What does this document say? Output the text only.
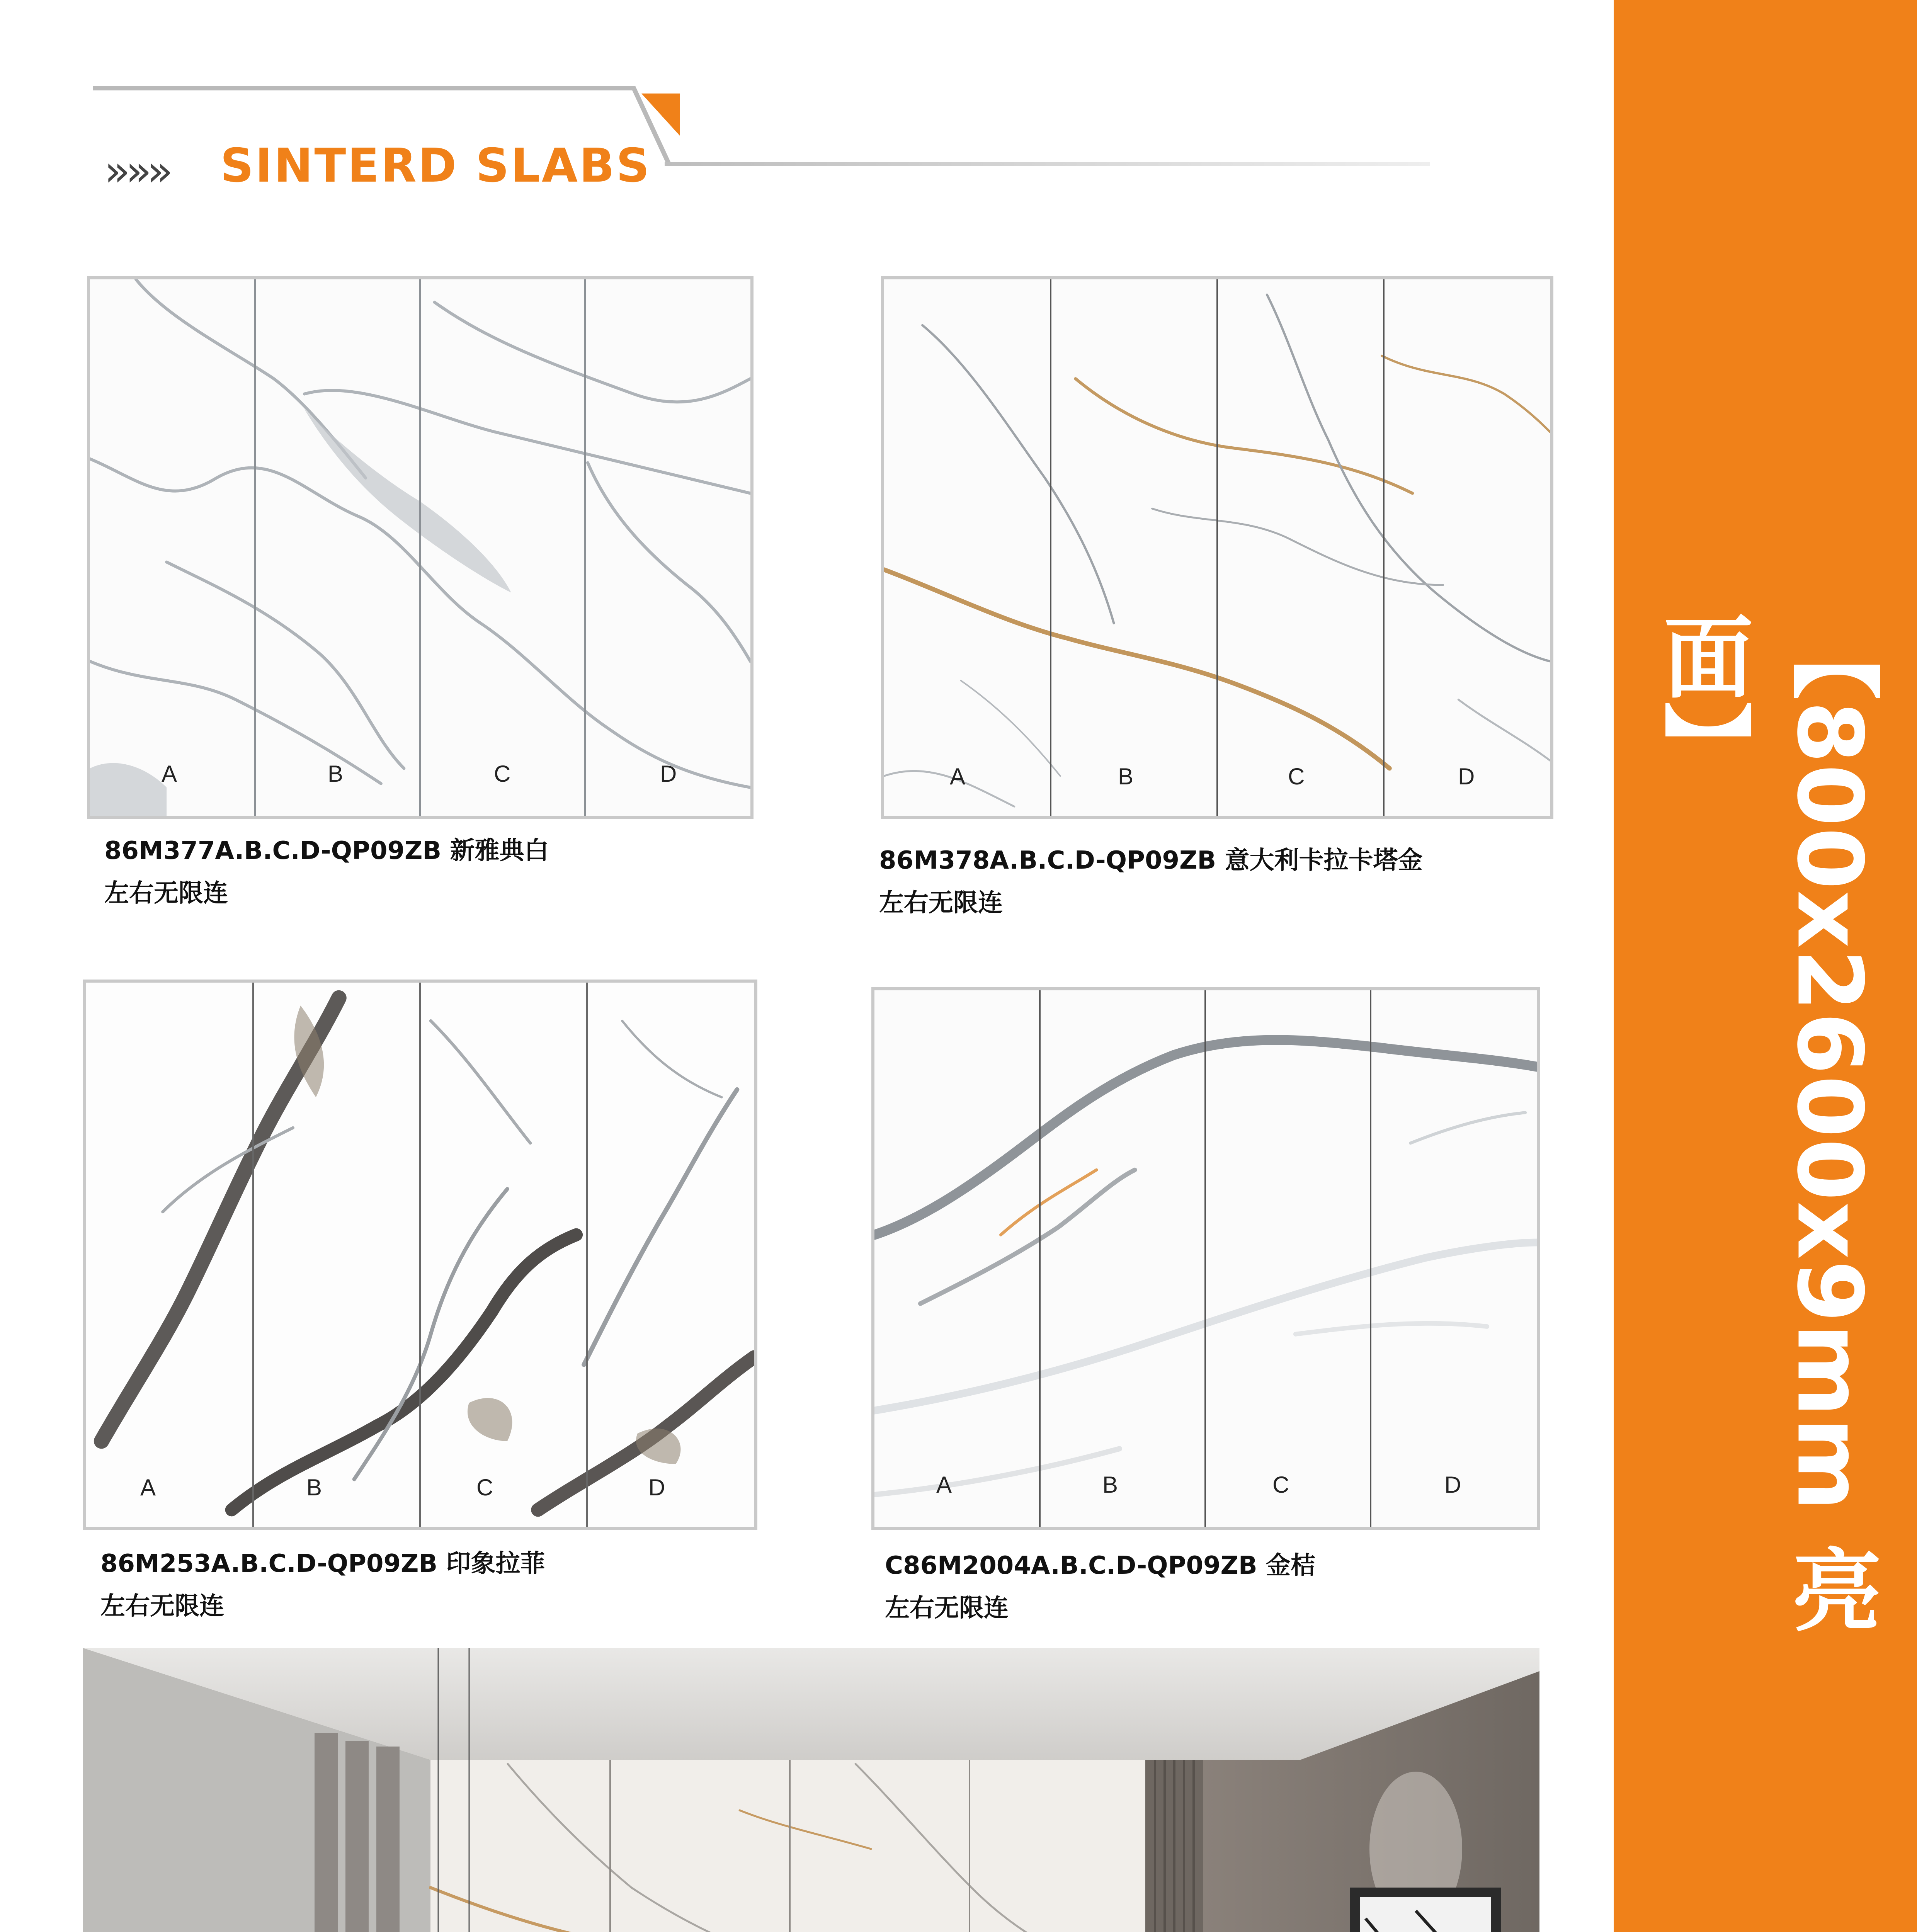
»»» SINTERD SLABS
【800x2600x9mm 亮面】
A	B	C	D
86M377A.B.C.D-QP09ZB 新雅典白
左右无限连
A	B	C	D
86M378A.B.C.D-QP09ZB 意大利卡拉卡塔金
左右无限连
A	B	C	D
86M253A.B.C.D-QP09ZB 印象拉菲
左右无限连
A	B	C	D
C86M2004A.B.C.D-QP09ZB 金桔
左右无限连
